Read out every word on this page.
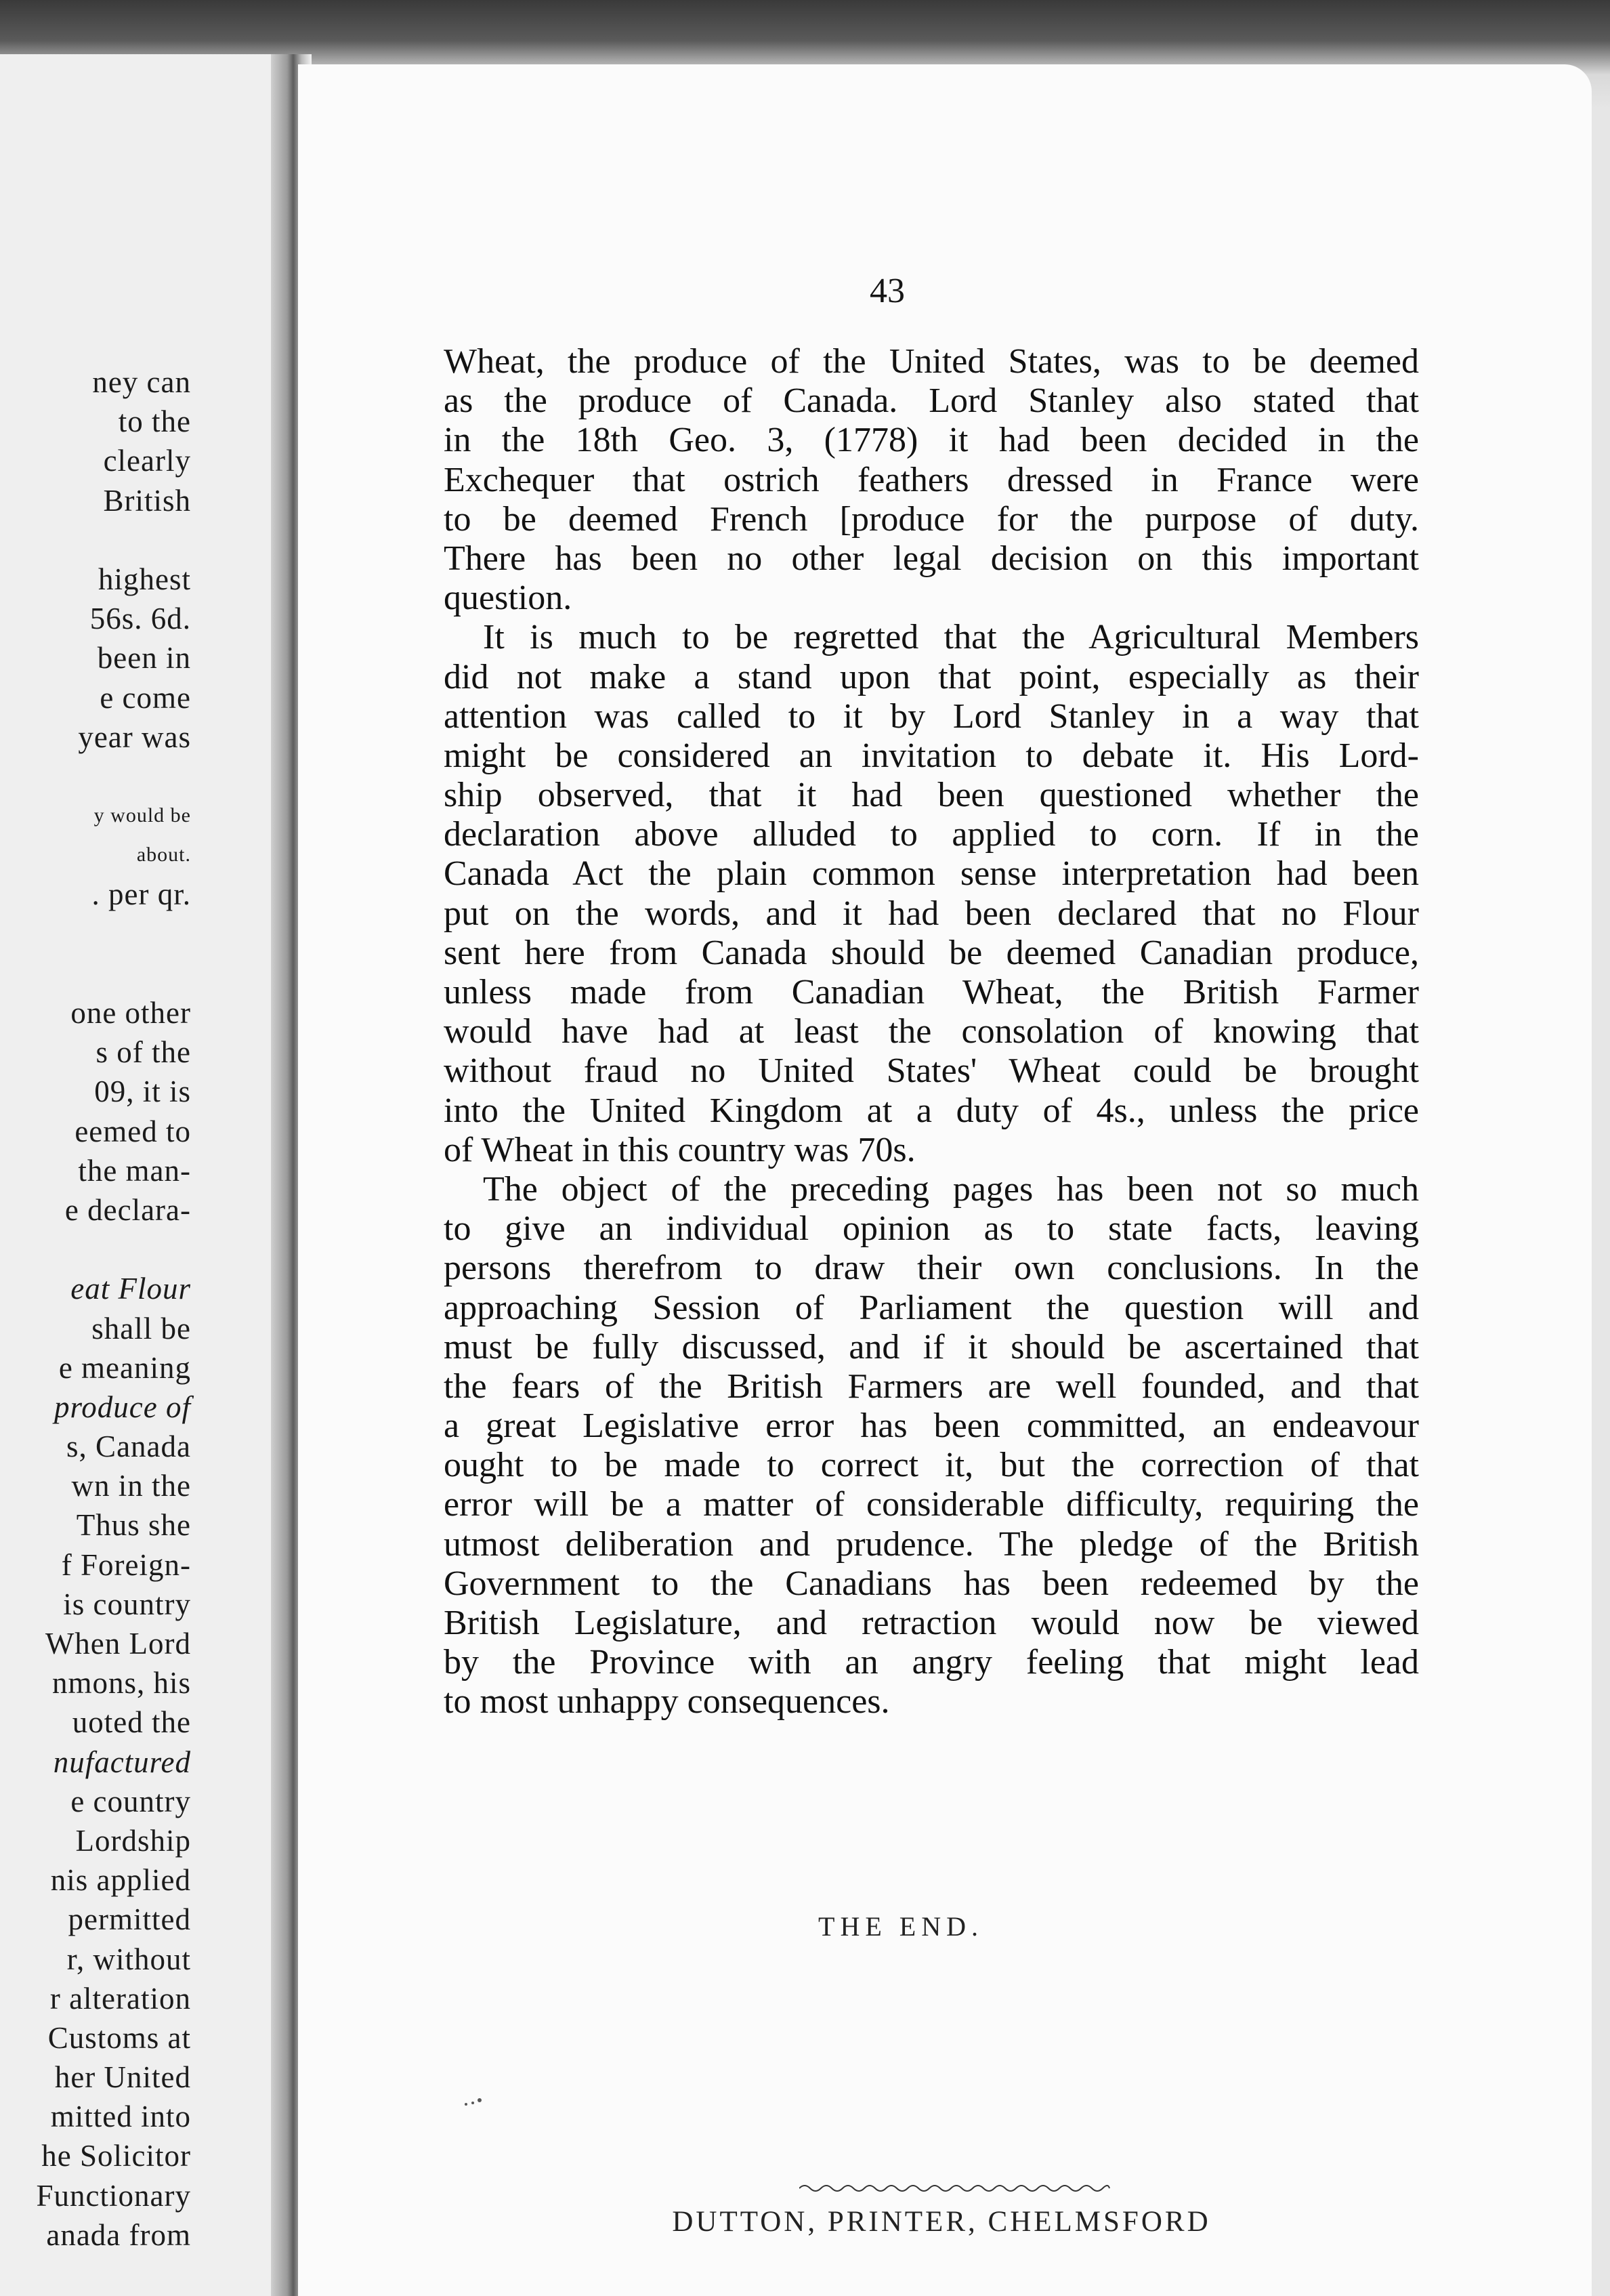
ney can
to the
clearly
British
highest
56s. 6d.
been in
e come
year was
y would be
about.
. per qr.
one other
s of the
09, it is
eemed to
the man-
e declara-
eat Flour
shall be
e meaning
produce of
s, Canada
wn in the
Thus she
f Foreign-
is country
When Lord
nmons, his
uoted the
nufactured
e country
Lordship
nis applied
permitted
r, without
r alteration
Customs at
her United
mitted into
he Solicitor
Functionary
anada from
43
Wheat, the produce of the United States, was to be deemed
as the produce of Canada. Lord Stanley also stated that
in the 18th Geo. 3, (1778) it had been decided in the
Exchequer that ostrich feathers dressed in France were
to be deemed French [produce for the purpose of duty.
There has been no other legal decision on this important
question.
It is much to be regretted that the Agricultural Members
did not make a stand upon that point, especially as their
attention was called to it by Lord Stanley in a way that
might be considered an invitation to debate it. His Lord-
ship observed, that it had been questioned whether the
declaration above alluded to applied to corn. If in the
Canada Act the plain common sense interpretation had been
put on the words, and it had been declared that no Flour
sent here from Canada should be deemed Canadian produce,
unless made from Canadian Wheat, the British Farmer
would have had at least the consolation of knowing that
without fraud no United States' Wheat could be brought
into the United Kingdom at a duty of 4s., unless the price
of Wheat in this country was 70s.
The object of the preceding pages has been not so much
to give an individual opinion as to state facts, leaving
persons therefrom to draw their own conclusions. In the
approaching Session of Parliament the question will and
must be fully discussed, and if it should be ascertained that
the fears of the British Farmers are well founded, and that
a great Legislative error has been committed, an endeavour
ought to be made to correct it, but the correction of that
error will be a matter of considerable difficulty, requiring the
utmost deliberation and prudence. The pledge of the British
Government to the Canadians has been redeemed by the
British Legislature, and retraction would now be viewed
by the Province with an angry feeling that might lead
to most unhappy consequences.
THE END.
DUTTON, PRINTER, CHELMSFORD
